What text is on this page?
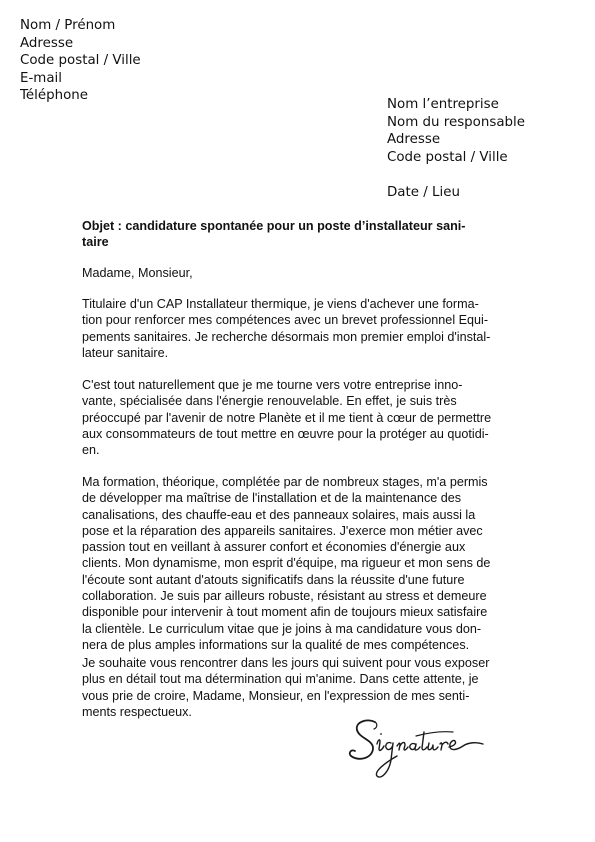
Nom / Prénom
Adresse
Code postal / Ville
E-mail
Téléphone
Nom l’entreprise
Nom du responsable
Adresse
Code postal / Ville
Date / Lieu
Objet : candidature spontanée pour un poste d’installateur sani-
taire
Madame, Monsieur,
Titulaire d'un CAP Installateur thermique, je viens d'achever une forma-
tion pour renforcer mes compétences avec un brevet professionnel Equi-
pements sanitaires. Je recherche désormais mon premier emploi d'instal-
lateur sanitaire.
C'est tout naturellement que je me tourne vers votre entreprise inno-
vante, spécialisée dans l'énergie renouvelable. En effet, je suis très
préoccupé par l'avenir de notre Planète et il me tient à cœur de permettre
aux consommateurs de tout mettre en œuvre pour la protéger au quotidi-
en.
Ma formation, théorique, complétée par de nombreux stages, m'a permis
de développer ma maîtrise de l'installation et de la maintenance des
canalisations, des chauffe-eau et des panneaux solaires, mais aussi la
pose et la réparation des appareils sanitaires. J'exerce mon métier avec
passion tout en veillant à assurer confort et économies d'énergie aux
clients. Mon dynamisme, mon esprit d'équipe, ma rigueur et mon sens de
l'écoute sont autant d'atouts significatifs dans la réussite d'une future
collaboration. Je suis par ailleurs robuste, résistant au stress et demeure
disponible pour intervenir à tout moment afin de toujours mieux satisfaire
la clientèle. Le curriculum vitae que je joins à ma candidature vous don-
nera de plus amples informations sur la qualité de mes compétences.
Je souhaite vous rencontrer dans les jours qui suivent pour vous exposer
plus en détail tout ma détermination qui m'anime. Dans cette attente, je
vous prie de croire, Madame, Monsieur, en l'expression de mes senti-
ments respectueux.
